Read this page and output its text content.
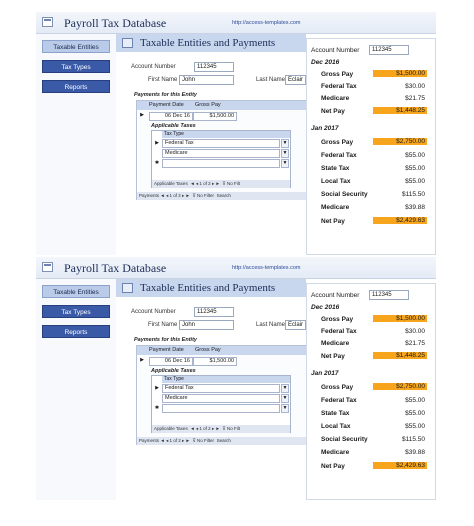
Payroll Tax Database	http://access-templates.com
Taxable Entities
Tax Types
Reports
Taxable Entities and Payments
Account Number	112345
First Name John	Last Name Eclair
Payments for this Entity
Payment Date Gross Pay
▶	06 Dec 16	$1,500.00
Applicable Taxes
Tax Type
▶	Federal Tax	▼
Medicare	▼
✱	▼
Applicable Taxes  ◄ ◂ 1 of 2 ▸ ►  ⊽ No Filt
Payments ◄ ◂ 1 of 2 ▸ ►  ⊽ No Filter Search
Account Number	112345
Dec 2016
Gross Pay	$1,500.00
Federal Tax	$30.00
Medicare	$21.75
Net Pay	$1,448.25
Jan 2017
Gross Pay	$2,750.00
Federal Tax	$55.00
State Tax	$55.00
Local Tax	$55.00
Social Security	$115.50
Medicare	$39.88
Net Pay	$2,429.63
Payroll Tax Database	http://access-templates.com
Taxable Entities
Tax Types
Reports
Taxable Entities and Payments
Account Number	112345
First Name John	Last Name Eclair
Payments for this Entity
Payment Date Gross Pay
▶	06 Dec 16	$1,500.00
Applicable Taxes
Tax Type
▶	Federal Tax	▼
Medicare	▼
✱	▼
Applicable Taxes  ◄ ◂ 1 of 2 ▸ ►  ⊽ No Filt
Payments ◄ ◂ 1 of 2 ▸ ►  ⊽ No Filter Search
Account Number	112345
Dec 2016
Gross Pay	$1,500.00
Federal Tax	$30.00
Medicare	$21.75
Net Pay	$1,448.25
Jan 2017
Gross Pay	$2,750.00
Federal Tax	$55.00
State Tax	$55.00
Local Tax	$55.00
Social Security	$115.50
Medicare	$39.88
Net Pay	$2,429.63
